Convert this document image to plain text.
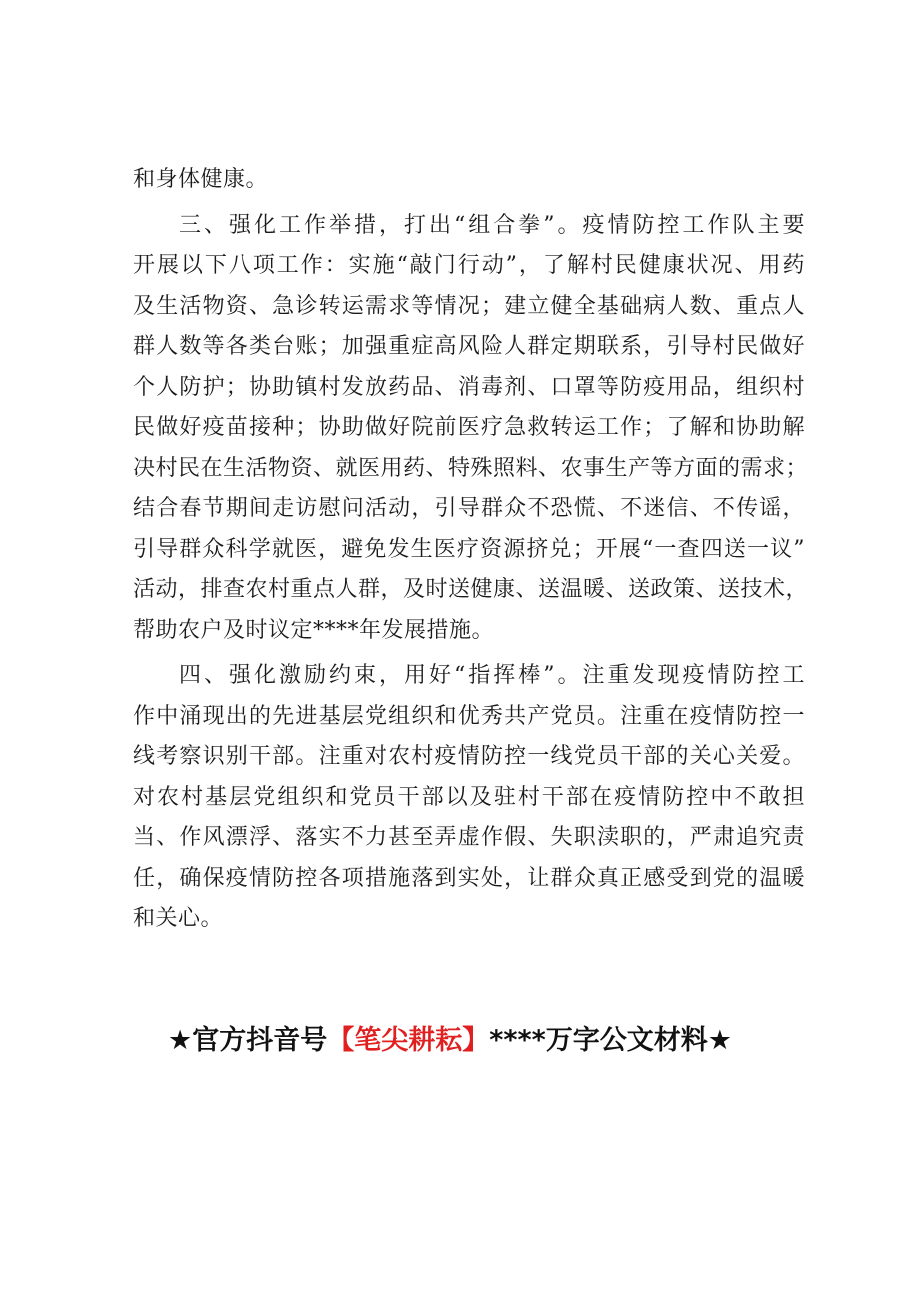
和身体健康。
三、强化工作举措，打出“组合拳”。疫情防控工作队主要
开展以下八项工作：实施“敲门行动”，了解村民健康状况、用药
及生活物资、急诊转运需求等情况；建立健全基础病人数、重点人
群人数等各类台账；加强重症高风险人群定期联系，引导村民做好
个人防护；协助镇村发放药品、消毒剂、口罩等防疫用品，组织村
民做好疫苗接种；协助做好院前医疗急救转运工作；了解和协助解
决村民在生活物资、就医用药、特殊照料、农事生产等方面的需求；
结合春节期间走访慰问活动，引导群众不恐慌、不迷信、不传谣，
引导群众科学就医，避免发生医疗资源挤兑；开展“一查四送一议”
活动，排查农村重点人群，及时送健康、送温暖、送政策、送技术，
帮助农户及时议定****年发展措施。
四、强化激励约束，用好“指挥棒”。注重发现疫情防控工
作中涌现出的先进基层党组织和优秀共产党员。注重在疫情防控一
线考察识别干部。注重对农村疫情防控一线党员干部的关心关爱。
对农村基层党组织和党员干部以及驻村干部在疫情防控中不敢担
当、作风漂浮、落实不力甚至弄虚作假、失职渎职的，严肃追究责
任，确保疫情防控各项措施落到实处，让群众真正感受到党的温暖
和关心。
★官方抖音号【笔尖耕耘】****万字公文材料★
